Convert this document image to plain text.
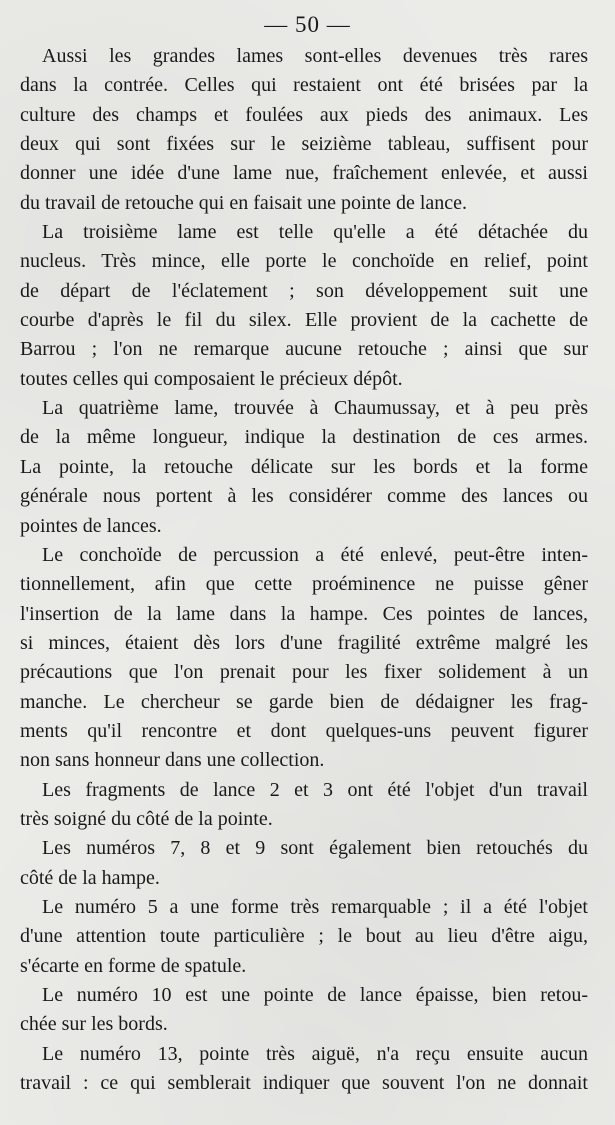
— 50 —

Aussi les grandes lames sont-elles devenues très rares
dans la contrée. Celles qui restaient ont été brisées par la
culture des champs et foulées aux pieds des animaux. Les
deux qui sont fixées sur le seizième tableau, suffisent pour
donner une idée d'une lame nue, fraîchement enlevée, et aussi
du travail de retouche qui en faisait une pointe de lance.

La troisième lame est telle qu'elle a été détachée du
nucleus. Très mince, elle porte le conchoïde en relief, point
de départ de l'éclatement ; son développement suit une
courbe d'après le fil du silex. Elle provient de la cachette de
Barrou ; l'on ne remarque aucune retouche ; ainsi que sur
toutes celles qui composaient le précieux dépôt.

La quatrième lame, trouvée à Chaumussay, et à peu près
de la même longueur, indique la destination de ces armes.
La pointe, la retouche délicate sur les bords et la forme
générale nous portent à les considérer comme des lances ou
pointes de lances.

Le conchoïde de percussion a été enlevé, peut-être inten-
tionnellement, afin que cette proéminence ne puisse gêner
l'insertion de la lame dans la hampe. Ces pointes de lances,
si minces, étaient dès lors d'une fragilité extrême malgré les
précautions que l'on prenait pour les fixer solidement à un
manche. Le chercheur se garde bien de dédaigner les frag-
ments qu'il rencontre et dont quelques-uns peuvent figurer
non sans honneur dans une collection.

Les fragments de lance 2 et 3 ont été l'objet d'un travail
très soigné du côté de la pointe.

Les numéros 7, 8 et 9 sont également bien retouchés du
côté de la hampe.

Le numéro 5 a une forme très remarquable ; il a été l'objet
d'une attention toute particulière ; le bout au lieu d'être aigu,
s'écarte en forme de spatule.

Le numéro 10 est une pointe de lance épaisse, bien retou-
chée sur les bords.

Le numéro 13, pointe très aiguë, n'a reçu ensuite aucun
travail : ce qui semblerait indiquer que souvent l'on ne donnait
